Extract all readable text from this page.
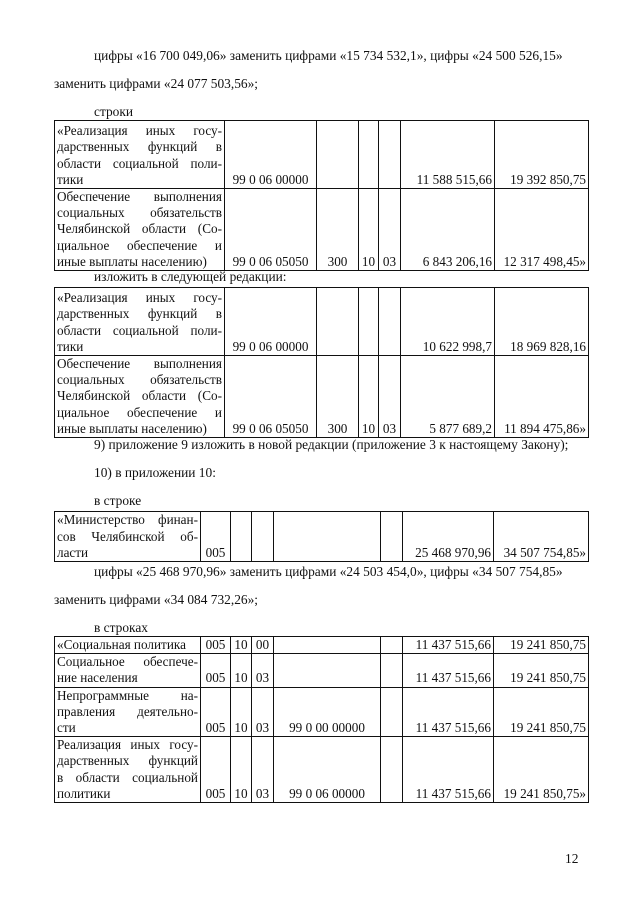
цифры «16 700 049,06» заменить цифрами «15 734 532,1», цифры «24 500 526,15»
заменить цифрами «24 077 503,56»;
строки
«Реализация иных госу-
дарственных функций в
области социальной поли-
тики	99 0 06 00000				11 588 515,66	19 392 850,75

Обеспечение выполнения
социальных обязательств
Челябинской области (Со-
циальное обеспечение и
иные выплаты населению)	99 0 06 05050	300	10	03	6 843 206,16	12 317 498,45»
изложить в следующей редакции:
«Реализация иных госу-
дарственных функций в
области социальной поли-
тики	99 0 06 00000				10 622 998,7	18 969 828,16

Обеспечение выполнения
социальных обязательств
Челябинской области (Со-
циальное обеспечение и
иные выплаты населению)	99 0 06 05050	300	10	03	5 877 689,2	11 894 475,86»
9) приложение 9 изложить в новой редакции (приложение 3 к настоящему Закону);
10) в приложении 10:
в строке
«Министерство финан-
сов Челябинской об-
ласти	005					25 468 970,96	34 507 754,85»
цифры «25 468 970,96» заменить цифрами «24 503 454,0», цифры «34 507 754,85»
заменить цифрами «34 084 732,26»;
в строках
«Социальная политика	005	10	00			11 437 515,66	19 241 850,75

Социальное обеспече-
ние населения	005	10	03			11 437 515,66	19 241 850,75

Непрограммные на-
правления деятельно-
сти	005	10	03	99 0 00 00000		11 437 515,66	19 241 850,75

Реализация иных госу-
дарственных функций
в области социальной
политики	005	10	03	99 0 06 00000		11 437 515,66	19 241 850,75»
12
